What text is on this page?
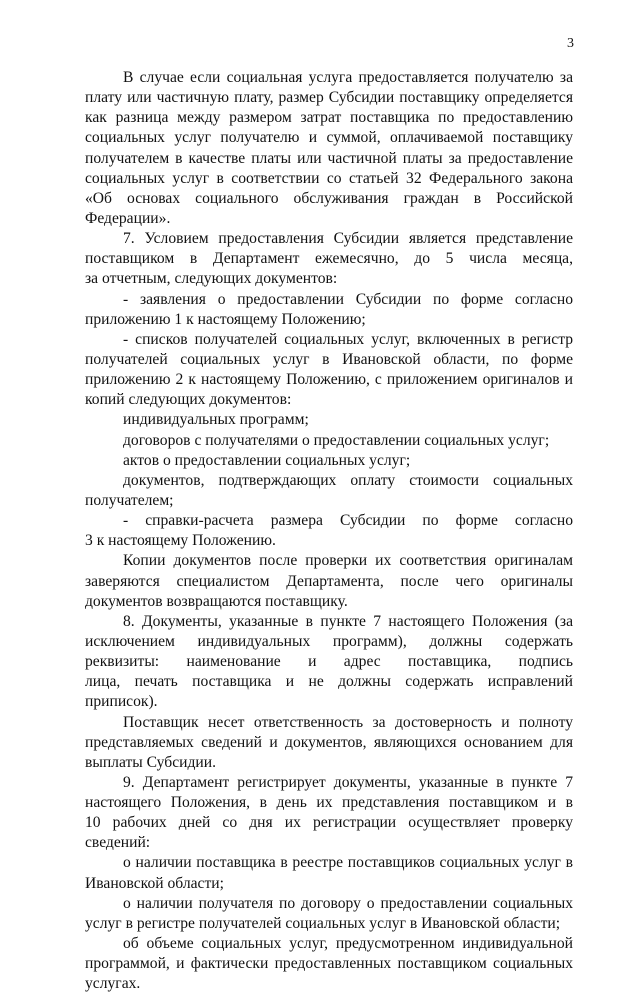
3
В случае если социальная услуга предоставляется получателю за
плату или частичную плату, размер Субсидии поставщику определяется
как разница между размером затрат поставщика по предоставлению
социальных услуг получателю и суммой, оплачиваемой поставщику
получателем в качестве платы или частичной платы за предоставление
социальных услуг в соответствии со статьей 32 Федерального закона
«Об основах социального обслуживания граждан в Российской
Федерации».
7. Условием предоставления Субсидии является представление
поставщиком в Департамент ежемесячно, до 5 числа месяца,
за отчетным, следующих документов:
- заявления о предоставлении Субсидии по форме согласно
приложению 1 к настоящему Положению;
- списков получателей социальных услуг, включенных в регистр
получателей социальных услуг в Ивановской области, по форме
приложению 2 к настоящему Положению, с приложением оригиналов и
копий следующих документов:
индивидуальных программ;
договоров с получателями о предоставлении социальных услуг;
актов о предоставлении социальных услуг;
документов, подтверждающих оплату стоимости социальных
получателем;
- справки-расчета размера Субсидии по форме согласно
3 к настоящему Положению.
Копии документов после проверки их соответствия оригиналам
заверяются специалистом Департамента, после чего оригиналы
документов возвращаются поставщику.
8. Документы, указанные в пункте 7 настоящего Положения (за
исключением индивидуальных программ), должны содержать
реквизиты: наименование и адрес поставщика, подпись
лица, печать поставщика и не должны содержать исправлений
приписок).
Поставщик несет ответственность за достоверность и полноту
представляемых сведений и документов, являющихся основанием для
выплаты Субсидии.
9. Департамент регистрирует документы, указанные в пункте 7
настоящего Положения, в день их представления поставщиком и в
10 рабочих дней со дня их регистрации осуществляет проверку
сведений:
о наличии поставщика в реестре поставщиков социальных услуг в
Ивановской области;
о наличии получателя по договору о предоставлении социальных
услуг в регистре получателей социальных услуг в Ивановской области;
об объеме социальных услуг, предусмотренном индивидуальной
программой, и фактически предоставленных поставщиком социальных
услугах.
